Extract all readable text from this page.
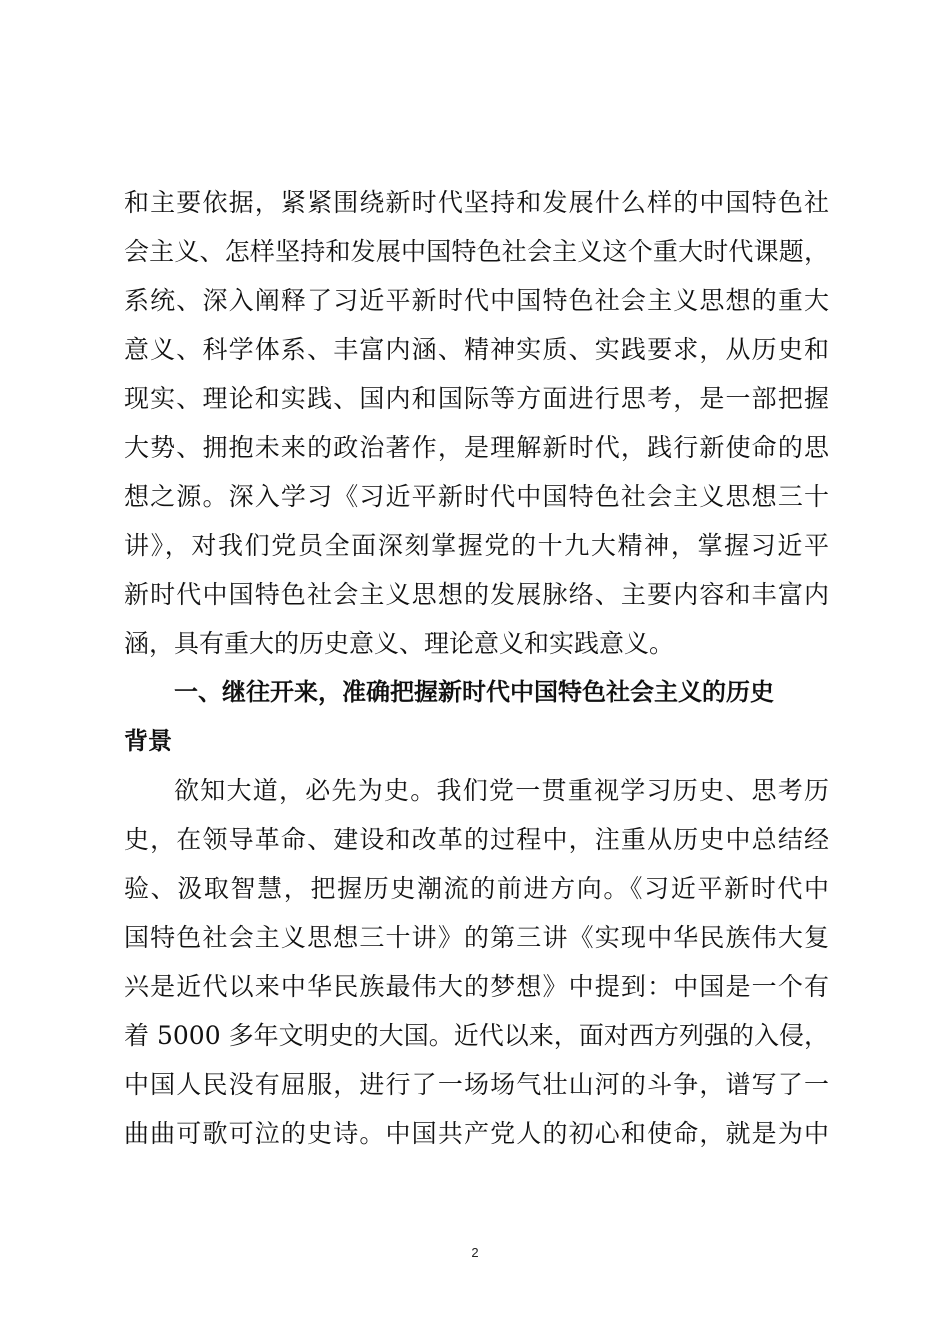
和主要依据，紧紧围绕新时代坚持和发展什么样的中国特色社
会主义、怎样坚持和发展中国特色社会主义这个重大时代课题，
系统、深入阐释了习近平新时代中国特色社会主义思想的重大
意义、科学体系、丰富内涵、精神实质、实践要求，从历史和
现实、理论和实践、国内和国际等方面进行思考，是一部把握
大势、拥抱未来的政治著作，是理解新时代，践行新使命的思
想之源。深入学习《习近平新时代中国特色社会主义思想三十
讲》，对我们党员全面深刻掌握党的十九大精神，掌握习近平
新时代中国特色社会主义思想的发展脉络、主要内容和丰富内
涵，具有重大的历史意义、理论意义和实践意义。
一、继往开来，准确把握新时代中国特色社会主义的历史
背景
欲知大道，必先为史。我们党一贯重视学习历史、思考历
史，在领导革命、建设和改革的过程中，注重从历史中总结经
验、汲取智慧，把握历史潮流的前进方向。《习近平新时代中
国特色社会主义思想三十讲》的第三讲《实现中华民族伟大复
兴是近代以来中华民族最伟大的梦想》中提到：中国是一个有
着 5000 多年文明史的大国。近代以来，面对西方列强的入侵，
中国人民没有屈服，进行了一场场气壮山河的斗争，谱写了一
曲曲可歌可泣的史诗。中国共产党人的初心和使命，就是为中
2
